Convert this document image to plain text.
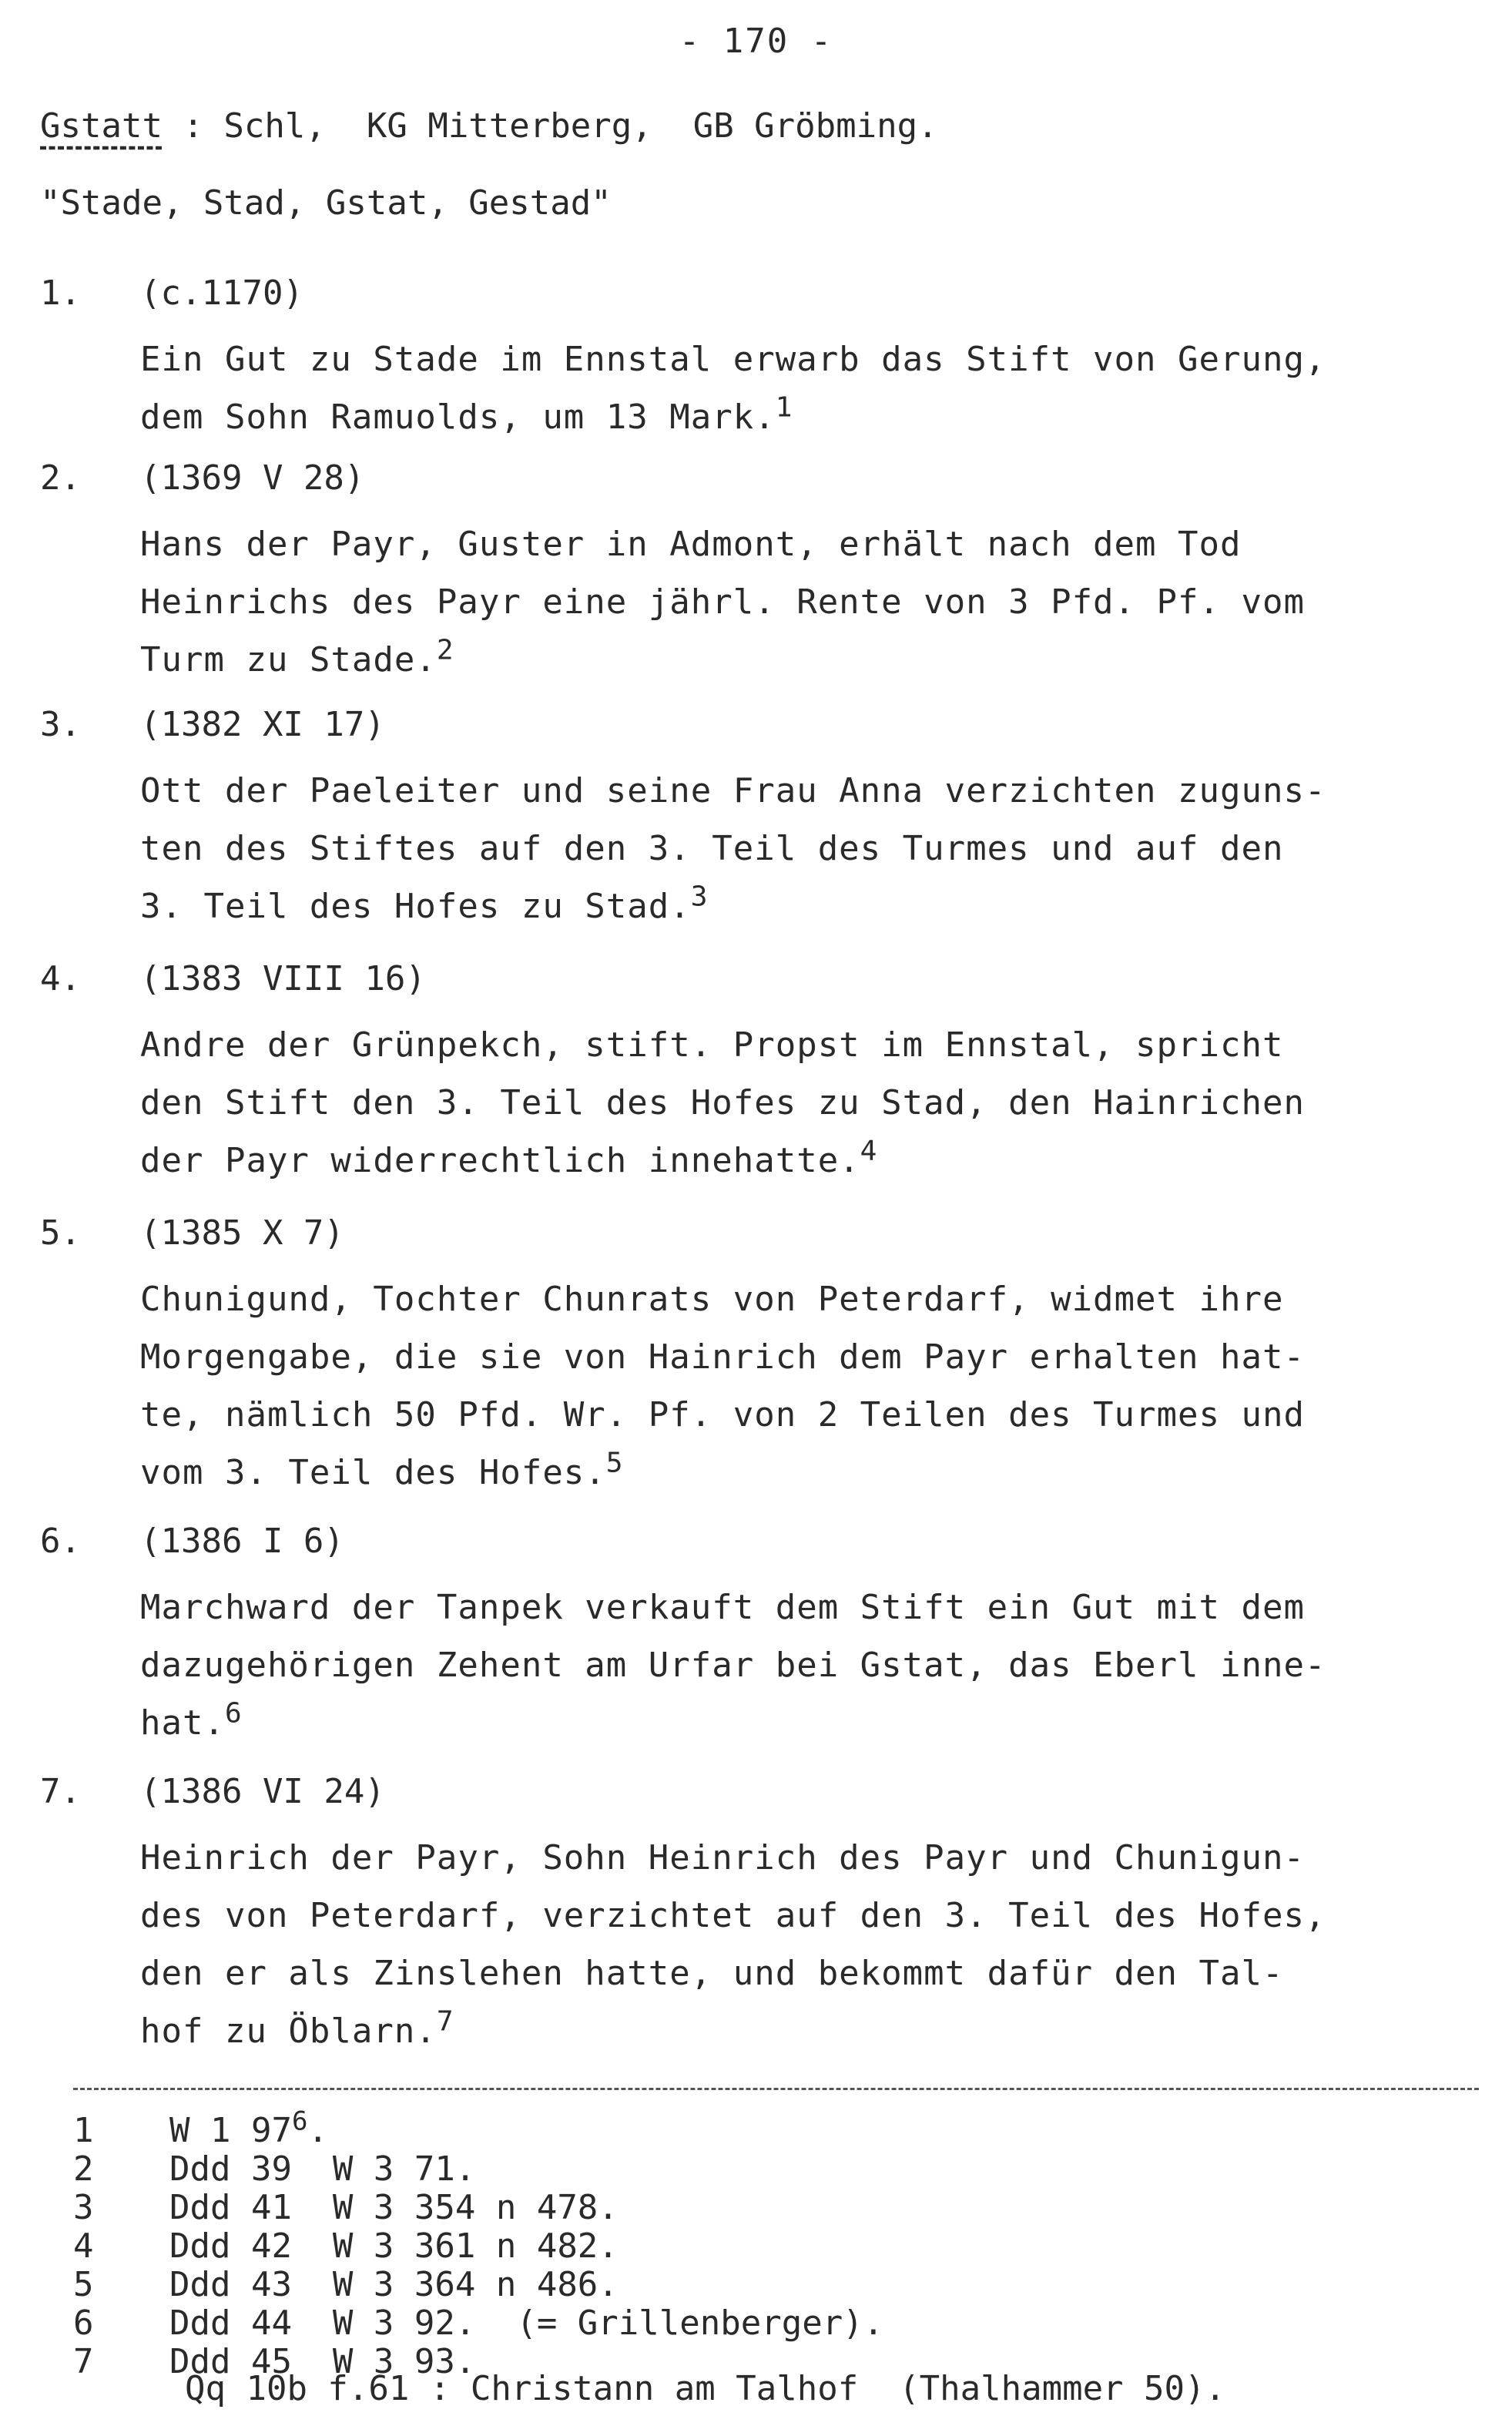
- 170 -
Gstatt : Schl,  KG Mitterberg,  GB Gröbming.
"Stade, Stad, Gstat, Gestad"
1. (c.1170)
Ein Gut zu Stade im Ennstal erwarb das Stift von Gerung,
dem Sohn Ramuolds, um 13 Mark.$^1$
2. (1369 V 28)
Hans der Payr, Guster in Admont, erhält nach dem Tod
Heinrichs des Payr eine jährl. Rente von 3 Pfd. Pf. vom
Turm zu Stade.$^2$
3. (1382 XI 17)
Ott der Paeleiter und seine Frau Anna verzichten zuguns-
ten des Stiftes auf den 3. Teil des Turmes und auf den
3. Teil des Hofes zu Stad.$^3$
4. (1383 VIII 16)
Andre der Grünpekch, stift. Propst im Ennstal, spricht
den Stift den 3. Teil des Hofes zu Stad, den Hainrichen
der Payr widerrechtlich innehatte.$^4$
5. (1385 X 7)
Chunigund, Tochter Chunrats von Peterdarf, widmet ihre
Morgengabe, die sie von Hainrich dem Payr erhalten hat-
te, nämlich 50 Pfd. Wr. Pf. von 2 Teilen des Turmes und
vom 3. Teil des Hofes.$^5$
6. (1386 I 6)
Marchward der Tanpek verkauft dem Stift ein Gut mit dem
dazugehörigen Zehent am Urfar bei Gstat, das Eberl inne-
hat.$^6$
7. (1386 VI 24)
Heinrich der Payr, Sohn Heinrich des Payr und Chunigun-
des von Peterdarf, verzichtet auf den 3. Teil des Hofes,
den er als Zinslehen hatte, und bekommt dafür den Tal-
hof zu Öblarn.$^7$
1 W 1 $97^6$.
2 Ddd 39  W 3 71.
3 Ddd 41  W 3 354 n 478.
4 Ddd 42  W 3 361 n 482.
5 Ddd 43  W 3 364 n 486.
6 Ddd 44  W 3 92.  (= Grillenberger).
7 Ddd 45  W 3 93.
Qq 10b f.61 : Christann am Talhof  (Thalhammer 50).
